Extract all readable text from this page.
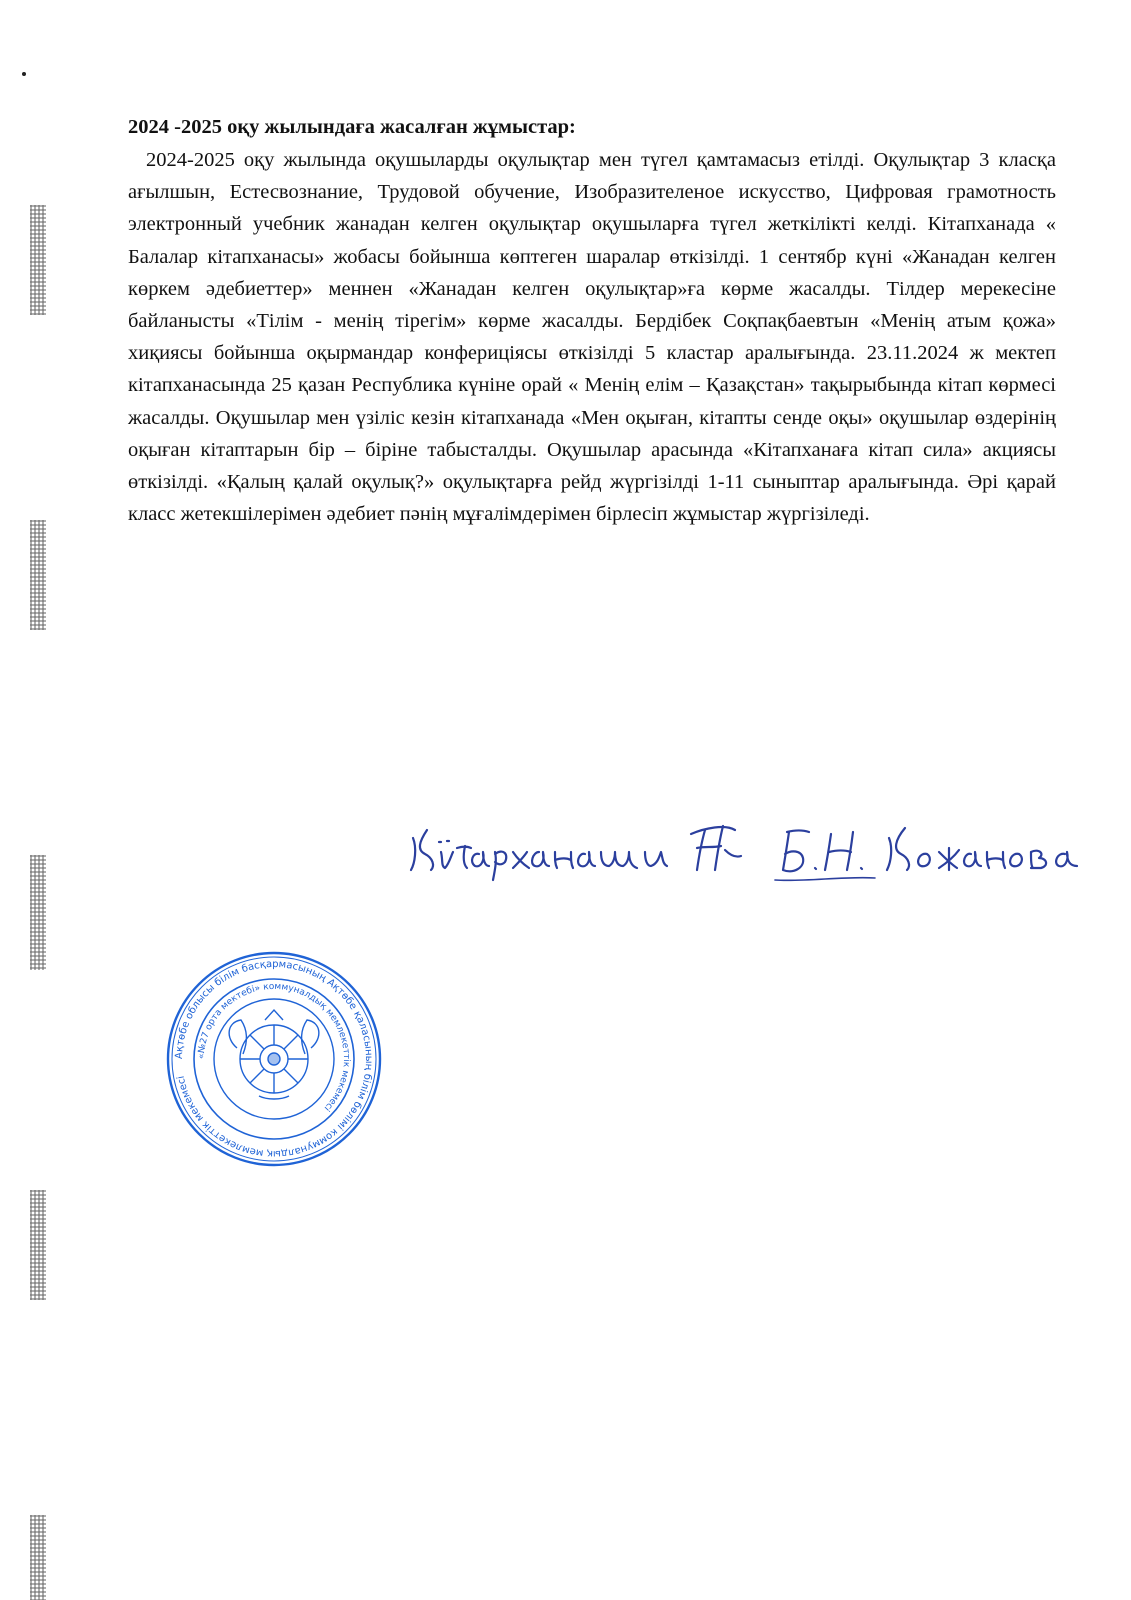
2024 -2025 оқу жылындаға жасалған жұмыстар:

2024-2025 оқу жылында оқушыларды оқулықтар мен түгел қамтамасыз етілді. Оқулықтар 3 класқа ағылшын, Естесвознание, Трудовой обучение, Изобразителеное искусство, Цифровая грамотность электронный учебник жанадан келген оқулықтар оқушыларға түгел жеткілікті келді. Кітапханада « Балалар кітапханасы» жобасы бойынша көптеген шаралар өткізілді. 1 сентябр күні «Жанадан келген көркем әдебиеттер» меннен «Жанадан келген оқулықтар»ға көрме жасалды. Тілдер мерекесіне байланысты «Тілім - менің тірегім» көрме жасалды. Бердібек Соқпақбаевтын «Менің атым қожа» хиқиясы бойынша оқырмандар конфериціясы өткізілді 5 кластар аралығында. 23.11.2024 ж мектеп кітапханасында 25 қазан Республика күніне орай « Менің елім – Қазақстан» тақырыбында кітап көрмесі жасалды. Оқушылар мен үзіліс кезін кітапханада «Мен оқыған, кітапты сенде оқы» оқушылар өздерінің оқыған кітаптарын бір – біріне табысталды. Оқушылар арасында «Кітапханаға кітап сила» акциясы өткізілді. «Қалың қалай оқулық?» оқулықтарға рейд жүргізілді 1-11 сыныптар аралығында. Әрі қарай класс жетекшілерімен әдебиет пәнің мұғалімдерімен бірлесіп жұмыстар жүргізіледі.

Ақтөбе облысы білім басқармасының Ақтөбе қаласының білім бөлімі коммуналдық мемлекеттік мекемесі
«№27 орта мектебі» коммуналдық мемлекеттік мекемесі
